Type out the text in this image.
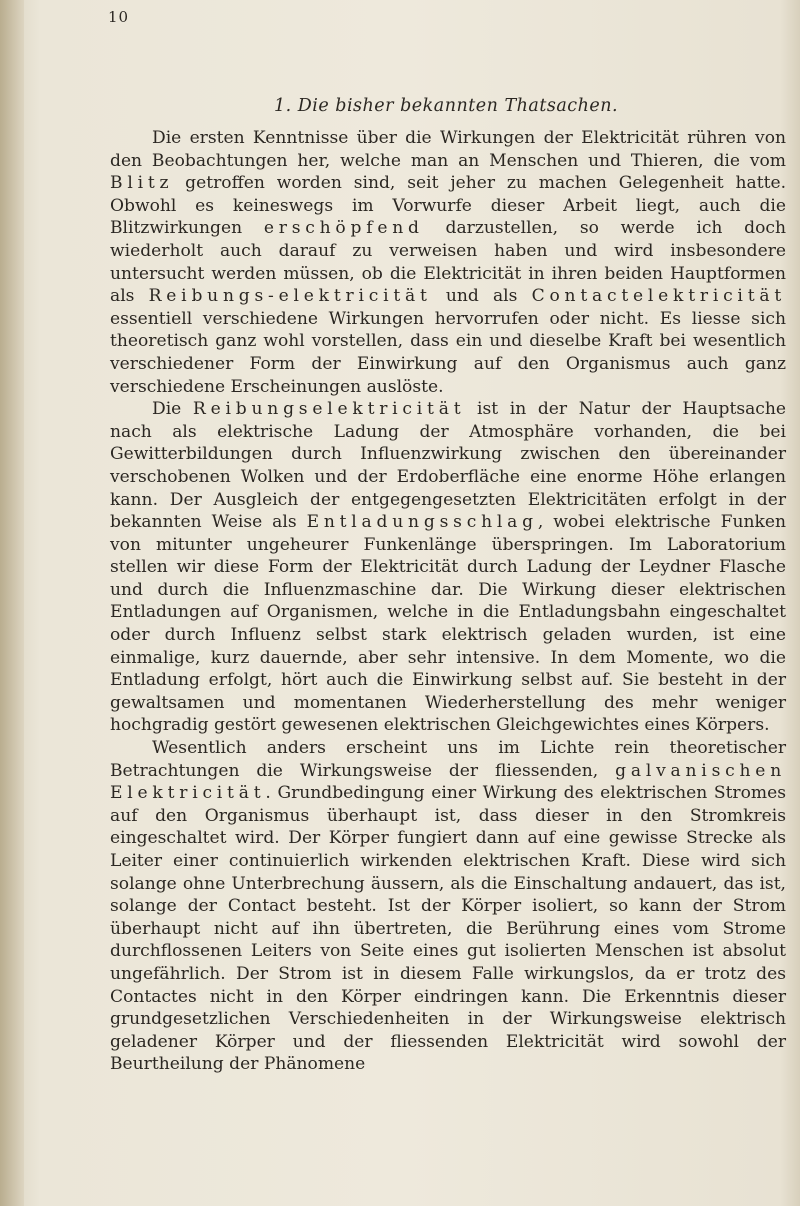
10
1. Die bisher bekannten Thatsachen.

Die ersten Kenntnisse über die Wirkungen der Elektricität rühren von den Beobachtungen her, welche man an Menschen und Thieren, die vom Blitz getroffen worden sind, seit jeher zu machen Gelegenheit hatte. Obwohl es keineswegs im Vorwurfe dieser Arbeit liegt, auch die Blitzwirkungen erschöpfend darzustellen, so werde ich doch wiederholt auch darauf zu verweisen haben und wird insbesondere untersucht werden müssen, ob die Elektricität in ihren beiden Hauptformen als Reibungs-elektricität und als Contactelektricität essentiell verschiedene Wirkungen hervorrufen oder nicht. Es liesse sich theoretisch ganz wohl vorstellen, dass ein und dieselbe Kraft bei wesentlich verschiedener Form der Einwirkung auf den Organismus auch ganz verschiedene Erscheinungen auslöste.

Die Reibungselektricität ist in der Natur der Hauptsache nach als elektrische Ladung der Atmosphäre vorhanden, die bei Gewitterbildungen durch Influenzwirkung zwischen den übereinander verschobenen Wolken und der Erdoberfläche eine enorme Höhe erlangen kann. Der Ausgleich der entgegengesetzten Elektricitäten erfolgt in der bekannten Weise als Entladungsschlag, wobei elektrische Funken von mitunter ungeheurer Funkenlänge überspringen. Im Laboratorium stellen wir diese Form der Elektricität durch Ladung der Leydner Flasche und durch die Influenzmaschine dar. Die Wirkung dieser elektrischen Entladungen auf Organismen, welche in die Entladungsbahn eingeschaltet oder durch Influenz selbst stark elektrisch geladen wurden, ist eine einmalige, kurz dauernde, aber sehr intensive. In dem Momente, wo die Entladung erfolgt, hört auch die Einwirkung selbst auf. Sie besteht in der gewaltsamen und momentanen Wiederherstellung des mehr weniger hochgradig gestört gewesenen elektrischen Gleichgewichtes eines Körpers.

Wesentlich anders erscheint uns im Lichte rein theoretischer Betrachtungen die Wirkungsweise der fliessenden, galvanischen Elektricität. Grundbedingung einer Wirkung des elektrischen Stromes auf den Organismus überhaupt ist, dass dieser in den Stromkreis eingeschaltet wird. Der Körper fungiert dann auf eine gewisse Strecke als Leiter einer continuierlich wirkenden elektrischen Kraft. Diese wird sich solange ohne Unterbrechung äussern, als die Einschaltung andauert, das ist, solange der Contact besteht. Ist der Körper isoliert, so kann der Strom überhaupt nicht auf ihn übertreten, die Berührung eines vom Strome durchflossenen Leiters von Seite eines gut isolierten Menschen ist absolut ungefährlich. Der Strom ist in diesem Falle wirkungslos, da er trotz des Contactes nicht in den Körper eindringen kann. Die Erkenntnis dieser grundgesetzlichen Verschiedenheiten in der Wirkungsweise elektrisch geladener Körper und der fliessenden Elektricität wird sowohl der Beurtheilung der Phänomene
